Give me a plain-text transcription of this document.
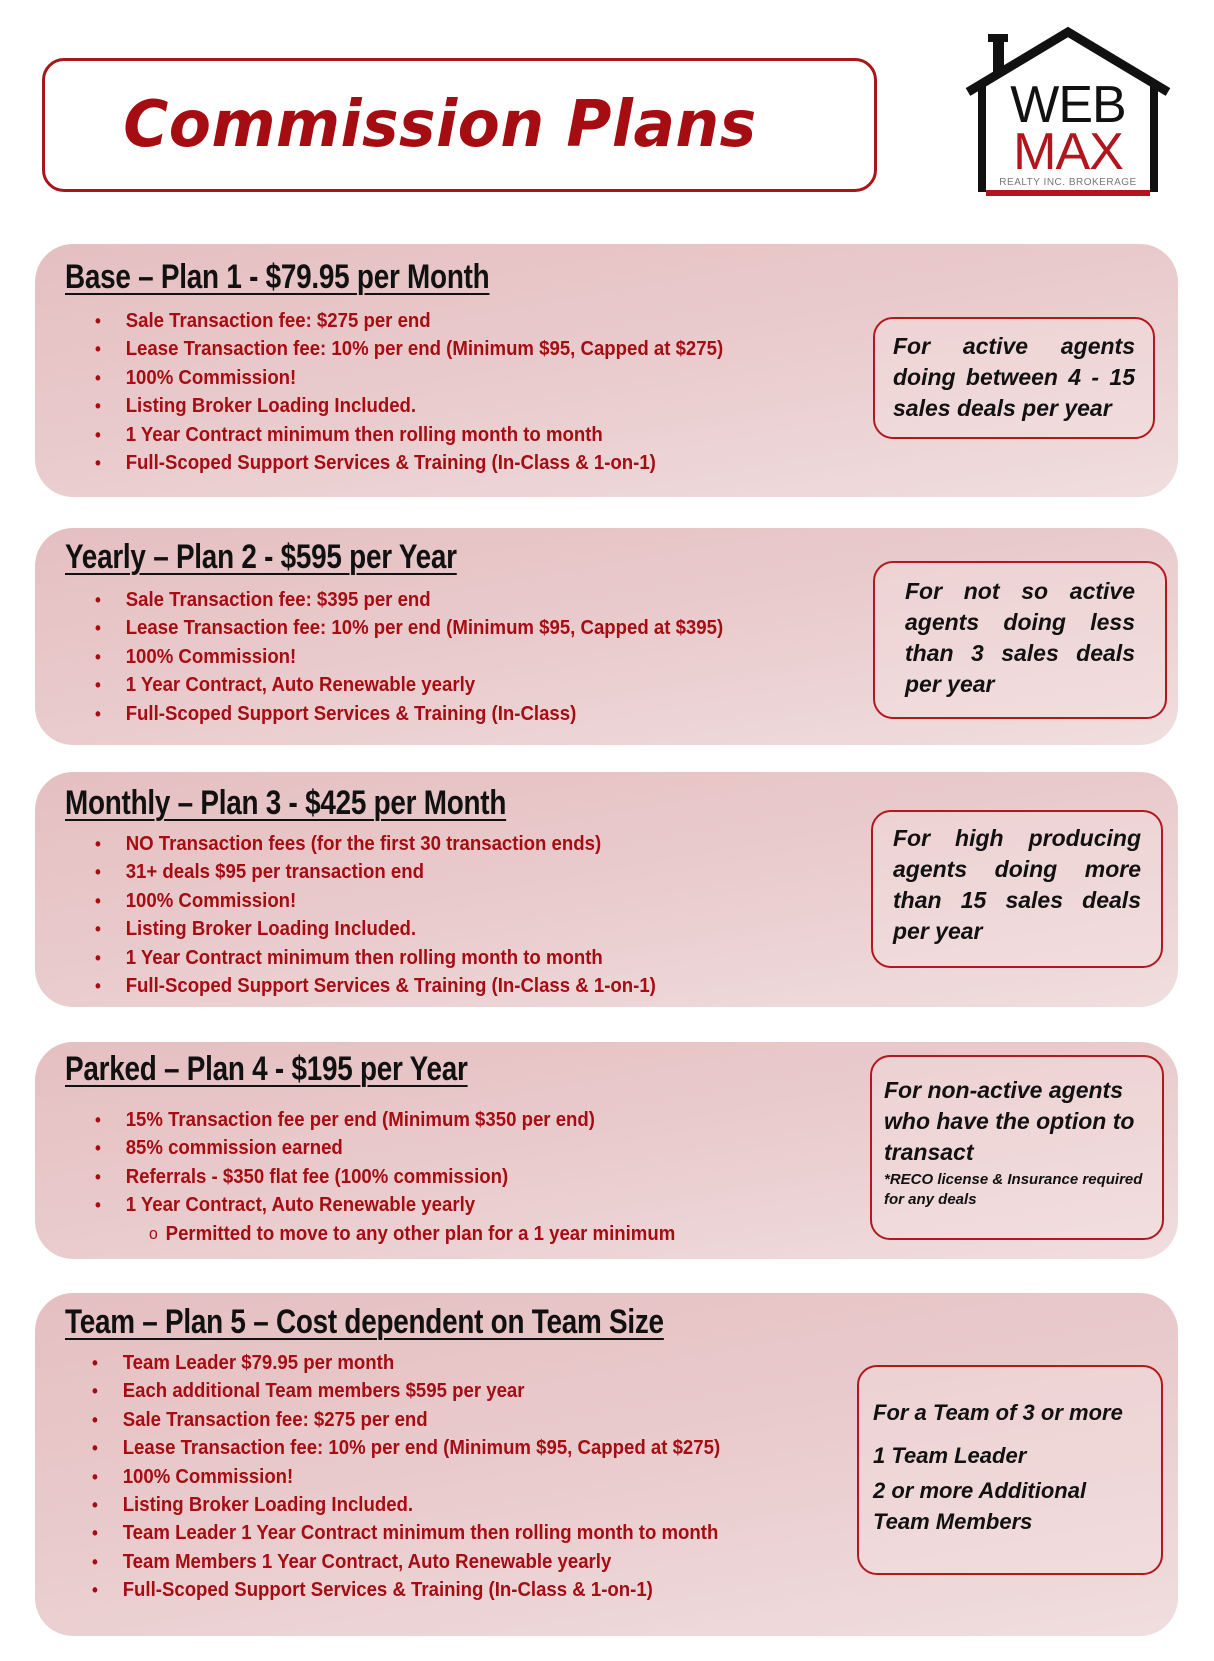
Commission Plans	WEB
MAX
REALTY INC. BROKERAGE
Base – Plan 1 - $79.95 per Month
• Sale Transaction fee: $275 per end
• Lease Transaction fee: 10% per end (Minimum $95, Capped at $275)
• 100% Commission!
• Listing Broker Loading Included.
• 1 Year Contract minimum then rolling month to month
• Full-Scoped Support Services & Training (In-Class & 1-on-1)
For active agents doing between 4 - 15 sales deals per year
Yearly – Plan 2 - $595 per Year
• Sale Transaction fee: $395 per end
• Lease Transaction fee: 10% per end (Minimum $95, Capped at $395)
• 100% Commission!
• 1 Year Contract, Auto Renewable yearly
• Full-Scoped Support Services & Training (In-Class)
For not so active agents doing less than 3 sales deals per year
Monthly – Plan 3 - $425 per Month
• NO Transaction fees (for the first 30 transaction ends)
• 31+ deals $95 per transaction end
• 100% Commission!
• Listing Broker Loading Included.
• 1 Year Contract minimum then rolling month to month
• Full-Scoped Support Services & Training (In-Class & 1-on-1)
For high producing agents doing more than 15 sales deals per year
Parked – Plan 4 - $195 per Year
• 15% Transaction fee per end (Minimum $350 per end)
• 85% commission earned
• Referrals - $350 flat fee (100% commission)
• 1 Year Contract, Auto Renewable yearly
o Permitted to move to any other plan for a 1 year minimum
For non-active agents who have the option to transact
*RECO license & Insurance required for any deals
Team – Plan 5 – Cost dependent on Team Size
• Team Leader $79.95 per month
• Each additional Team members $595 per year
• Sale Transaction fee: $275 per end
• Lease Transaction fee: 10% per end (Minimum $95, Capped at $275)
• 100% Commission!
• Listing Broker Loading Included.
• Team Leader 1 Year Contract minimum then rolling month to month
• Team Members 1 Year Contract, Auto Renewable yearly
• Full-Scoped Support Services & Training (In-Class & 1-on-1)
For a Team of 3 or more
1 Team Leader
2 or more Additional Team Members
